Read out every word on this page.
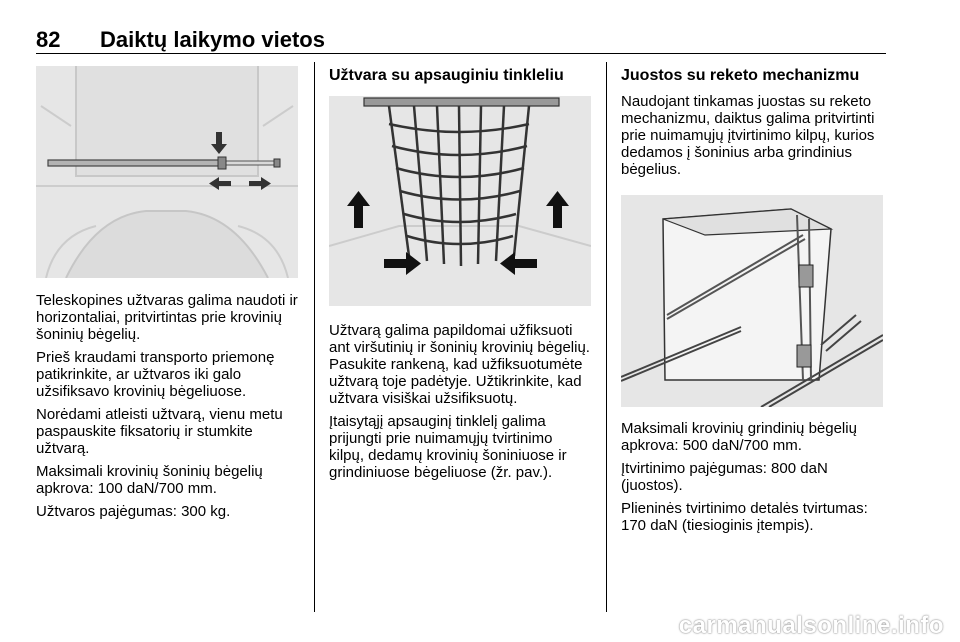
82 Daiktų laikymo vietos

Teleskopines užtvaras galima naudoti ir horizontaliai, pritvirtintas prie krovinių šoninių bėgelių.

Prieš kraudami transporto priemonę patikrinkite, ar užtvaros iki galo užsifiksavo krovinių bėgeliuose.

Norėdami atleisti užtvarą, vienu metu paspauskite fiksatorių ir stumkite užtvarą.

Maksimali krovinių šoninių bėgelių apkrova: 100 daN/700 mm.

Užtvaros pajėgumas: 300 kg.

Užtvara su apsauginiu tinkleliu

Užtvarą galima papildomai užfiksuoti ant viršutinių ir šoninių krovinių bėgelių. Pasukite rankeną, kad užfiksuotumėte užtvarą toje padėtyje. Užtikrinkite, kad užtvara visiškai užsifiksuotų.

Įtaisytąjį apsauginį tinklelį galima prijungti prie nuimamųjų tvirtinimo kilpų, dedamų krovinių šoniniuose ir grindiniuose bėgeliuose (žr. pav.).

Juostos su reketo mechanizmu

Naudojant tinkamas juostas su reketo mechanizmu, daiktus galima pritvirtinti prie nuimamųjų įtvirtinimo kilpų, kurios dedamos į šoninius arba grindinius bėgelius.

Maksimali krovinių grindinių bėgelių apkrova: 500 daN/700 mm.

Įtvirtinimo pajėgumas: 800 daN (juostos).

Plieninės tvirtinimo detalės tvirtumas: 170 daN (tiesioginis įtempis).

carmanualsonline.info
